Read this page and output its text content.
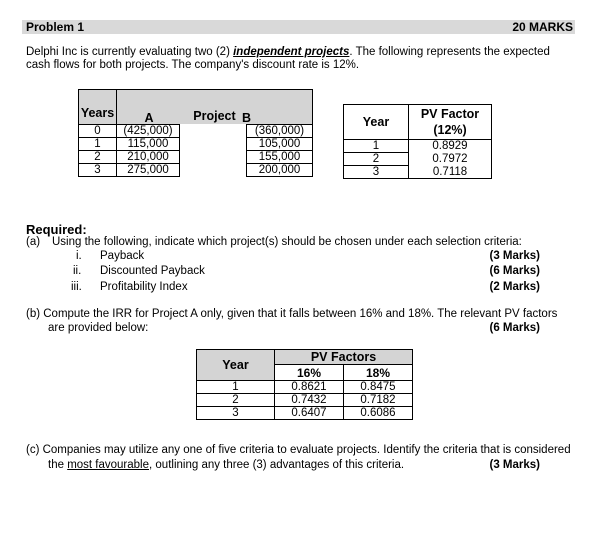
Problem 1	20 MARKS
Delphi Inc is currently evaluating two (2) independent projects. The following represents the expected cash flows for both projects. The company's discount rate is 12%.
Years	Project
A B		

0	(425,000)		(360,000)
1	115,000		105,000
2	210,000		155,000
3	275,000		200,000
Year	PV Factor
(12%)

1	0.8929
2	0.7972
3	0.7118
Required:
(a) Using the following, indicate which project(s) should be chosen under each selection criteria:
i. Payback	(3 Marks)
ii. Discounted Payback	(6 Marks)
iii. Profitability Index	(2 Marks)
(b) Compute the IRR for Project A only, given that it falls between 16% and 18%. The relevant PV factors
are provided below:	(6 Marks)
Year	PV Factors	
	16%	18%
1	0.8621	0.8475
2	0.7432	0.7182
3	0.6407	0.6086
(c) Companies may utilize any one of five criteria to evaluate projects. Identify the criteria that is considered
the most favourable, outlining any three (3) advantages of this criteria.	(3 Marks)
